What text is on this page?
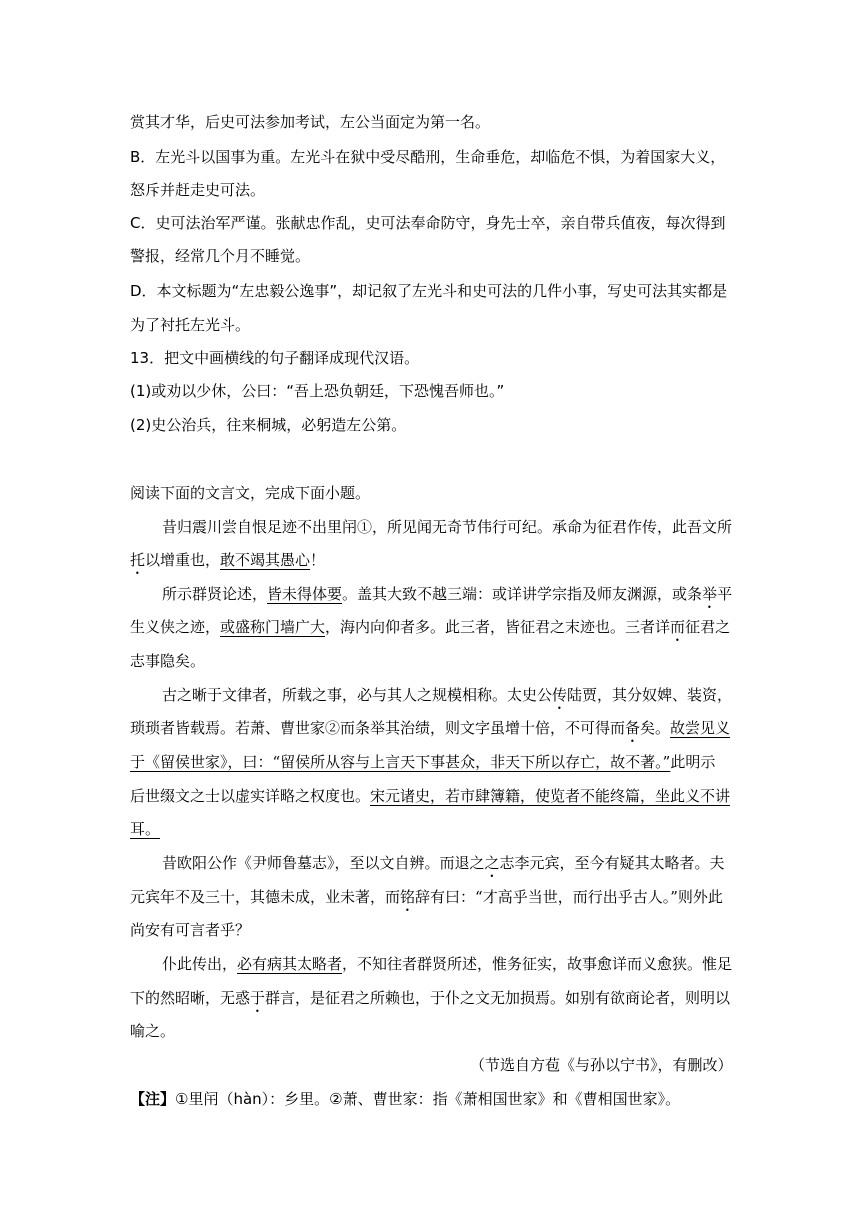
赏其才华，后史可法参加考试，左公当面定为第一名。
B．左光斗以国事为重。左光斗在狱中受尽酷刑，生命垂危，却临危不惧，为着国家大义，
怒斥并赶走史可法。
C．史可法治军严谨。张献忠作乱，史可法奉命防守，身先士卒，亲自带兵值夜，每次得到
警报，经常几个月不睡觉。
D．本文标题为“左忠毅公逸事”，却记叙了左光斗和史可法的几件小事，写史可法其实都是
为了衬托左光斗。
13．把文中画横线的句子翻译成现代汉语。
(1)或劝以少休，公曰：“吾上恐负朝廷，下恐愧吾师也。”
(2)史公治兵，往来桐城，必躬造左公第。
阅读下面的文言文，完成下面小题。
昔归震川尝自恨足迹不出里闬①，所见闻无奇节伟行可纪。承命为征君作传，此吾文所
托以增重也，敢不竭其愚心！
所示群贤论述，皆未得体要。盖其大致不越三端：或详讲学宗指及师友渊源，或条举平
生义侠之迹，或盛称门墙广大，海内向仰者多。此三者，皆征君之末迹也。三者详而征君之
志事隐矣。
古之晰于文律者，所载之事，必与其人之规模相称。太史公传陆贾，其分奴婢、装资，
琐琐者皆载焉。若萧、曹世家②而条举其治绩，则文字虽增十倍，不可得而备矣。故尝见义
于《留侯世家》，曰：“留侯所从容与上言天下事甚众，非天下所以存亡，故不著。”此明示
后世缀文之士以虚实详略之权度也。宋元诸史，若市肆簿籍，使览者不能终篇，坐此义不讲
耳。
昔欧阳公作《尹师鲁墓志》，至以文自辨。而退之之志李元宾，至今有疑其太略者。夫
元宾年不及三十，其德未成，业未著，而铭辞有曰：“才高乎当世，而行出乎古人。”则外此
尚安有可言者乎？
仆此传出，必有病其太略者，不知往者群贤所述，惟务征实，故事愈详而义愈狭。惟足
下的然昭晰，无惑于群言，是征君之所赖也，于仆之文无加损焉。如别有欲商论者，则明以
喻之。
（节选自方苞《与孙以宁书》，有删改）
【注】①里闬（hàn）：乡里。②萧、曹世家：指《萧相国世家》和《曹相国世家》。
